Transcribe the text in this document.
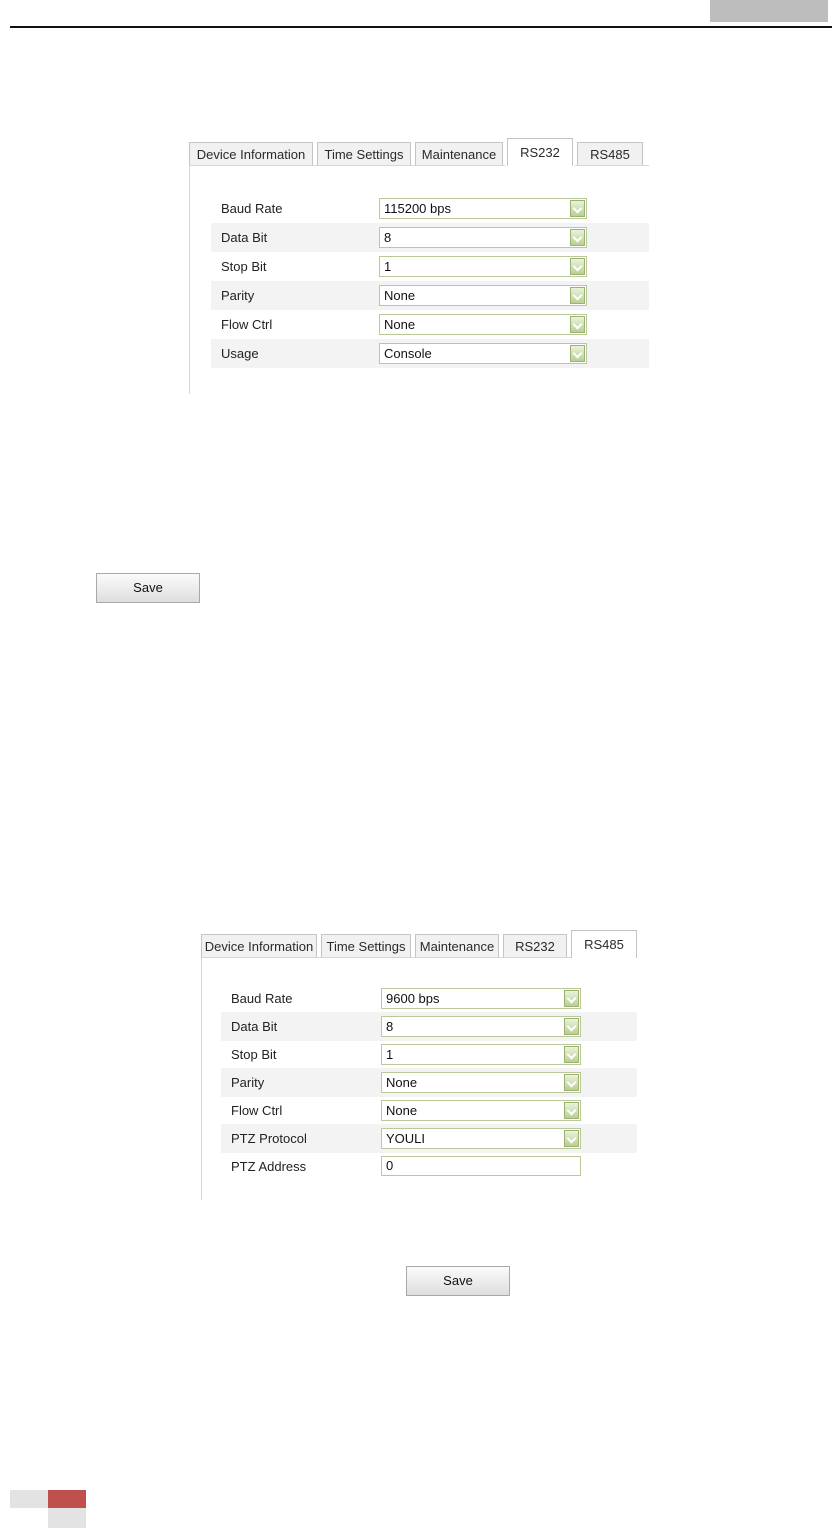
Device Information	Time Settings	Maintenance	RS232	RS485
Baud Rate	115200 bps
Data Bit	8
Stop Bit	1
Parity	None
Flow Ctrl	None
Usage	Console
Save
Device Information	Time Settings	Maintenance	RS232	RS485
Baud Rate	9600 bps
Data Bit	8
Stop Bit	1
Parity	None
Flow Ctrl	None
PTZ Protocol	YOULI
PTZ Address	0
Save
